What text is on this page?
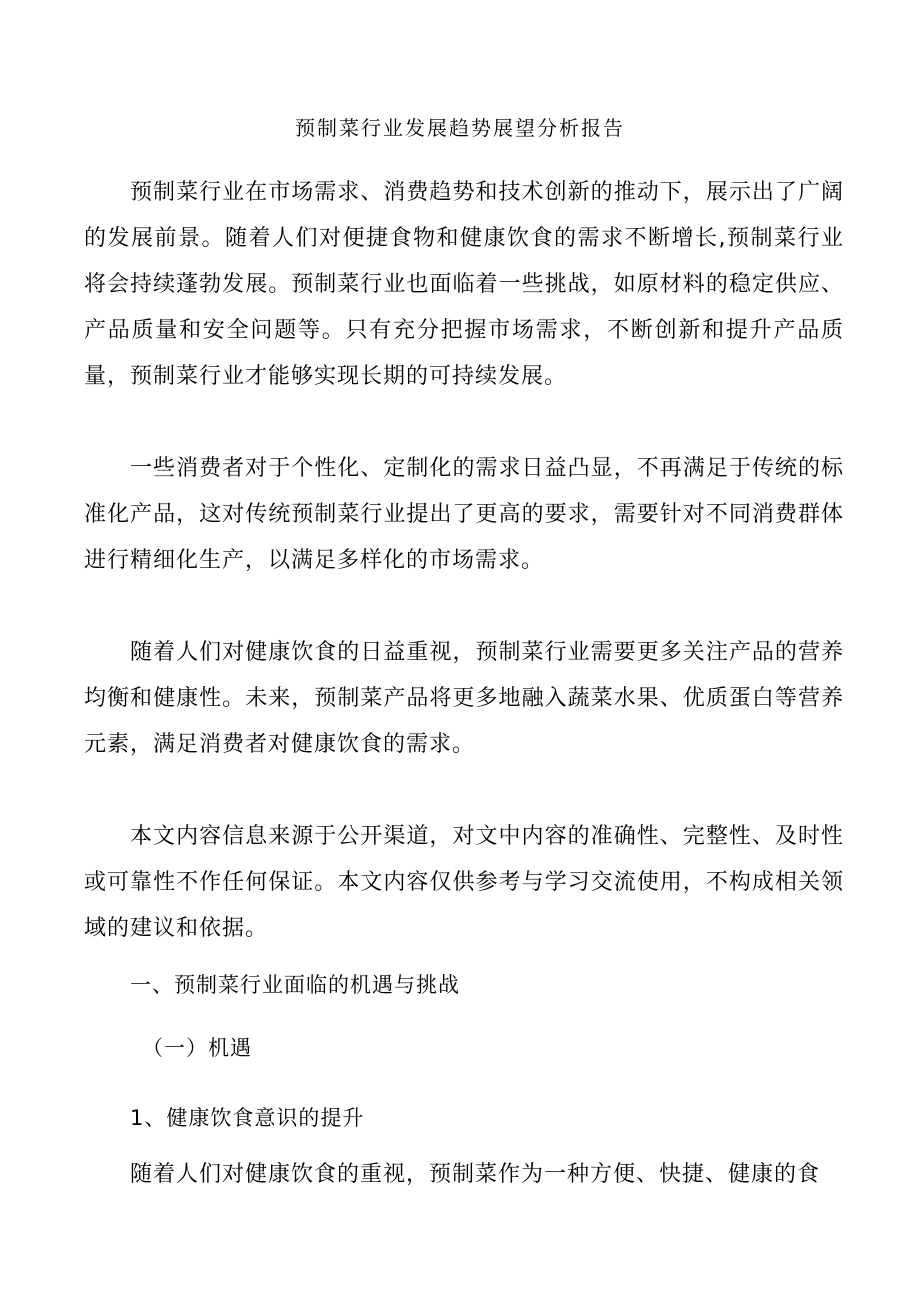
预制菜行业发展趋势展望分析报告

预制菜行业在市场需求、消费趋势和技术创新的推动下，展示出了广阔的发展前景。随着人们对便捷食物和健康饮食的需求不断增长,预制菜行业将会持续蓬勃发展。预制菜行业也面临着一些挑战，如原材料的稳定供应、产品质量和安全问题等。只有充分把握市场需求，不断创新和提升产品质量，预制菜行业才能够实现长期的可持续发展。

一些消费者对于个性化、定制化的需求日益凸显，不再满足于传统的标准化产品，这对传统预制菜行业提出了更高的要求，需要针对不同消费群体进行精细化生产，以满足多样化的市场需求。

随着人们对健康饮食的日益重视，预制菜行业需要更多关注产品的营养均衡和健康性。未来，预制菜产品将更多地融入蔬菜水果、优质蛋白等营养元素，满足消费者对健康饮食的需求。

本文内容信息来源于公开渠道，对文中内容的准确性、完整性、及时性或可靠性不作任何保证。本文内容仅供参考与学习交流使用，不构成相关领域的建议和依据。

一、预制菜行业面临的机遇与挑战

（一）机遇

1、健康饮食意识的提升

随着人们对健康饮食的重视，预制菜作为一种方便、快捷、健康的食
